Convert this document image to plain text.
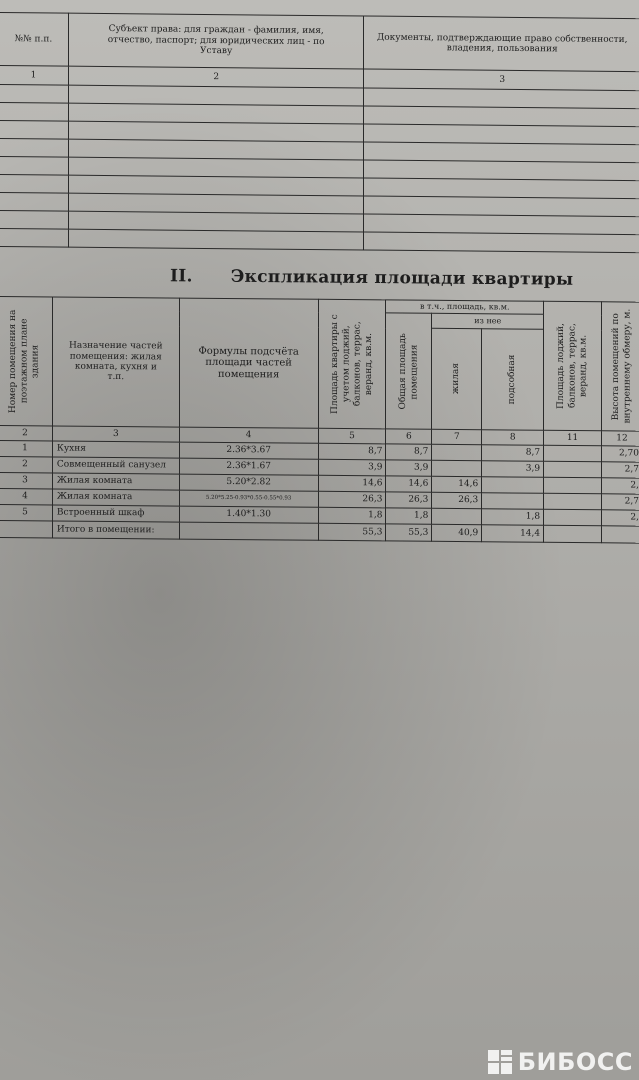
№№ п.п.	Субъект права: для граждан - фамилия, имя, отчество, паспорт; для юридических лиц - по Уставу	Документы, подтверждающие право собственности, владения, пользования
1	2	3

II. Экспликация площади квартиры
Номер помещения на поэтажном плане здания	Назначение частей помещения: жилая комната, кухня и т.п.	Формулы подсчёта площади частей помещения	Площадь квартиры с учетом лоджий, балконов, террас, веранд, кв.м.	в т.ч., площадь, кв.м.			Площадь лоджий, балконов, террас, веранд, кв.м.	Высота помещений по внутреннему обмеру, м.

				Общая площадь помещения	из нее			

					жилая	подсобная		

2	3	4	5	6	7	8	11	12
1	Кухня	2.36*3.67	8,7	8,7		8,7		2,70
2	Совмещенный санузел	2.36*1.67	3,9	3,9		3,9		2,7
3	Жилая комната	5.20*2.82	14,6	14,6	14,6			2,
4	Жилая комната	5.20*5.25-0.93*0.55-0.55*0.93	26,3	26,3	26,3			2,7
5	Встроенный шкаф	1.40*1.30	1,8	1,8		1,8		2,
	Итого в помещении:		55,3	55,3	40,9	14,4		
БИБОСС
